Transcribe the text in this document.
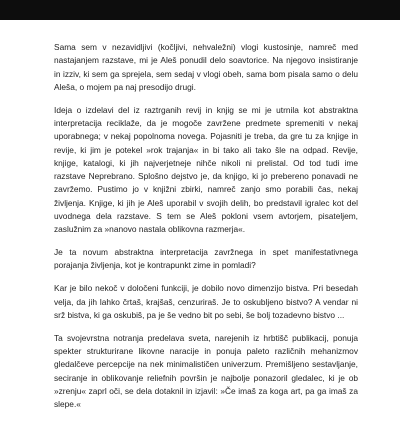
Sama sem v nezavidljivi (kočljivi, nehvaležni) vlogi kustosinje, namreč med nastajanjem razstave, mi je Aleš ponudil delo soavtorice. Na njegovo insistiranje in izziv, ki sem ga sprejela, sem sedaj v vlogi obeh, sama bom pisala samo o delu Aleša, o mojem pa naj presodijo drugi.

Ideja o izdelavi del iz raztrganih revij in knjig se mi je utrnila kot abstraktna interpretacija reciklaže, da je mogoče zavržene predmete spremeniti v nekaj uporabnega; v nekaj popolnoma novega. Pojasniti je treba, da gre tu za knjige in revije, ki jim je potekel »rok trajanja« in bi tako ali tako šle na odpad. Revije, knjige, katalogi, ki jih najverjetneje nihče nikoli ni prelistal. Od tod tudi ime razstave Neprebrano. Splošno dejstvo je, da knjigo, ki jo prebereno ponavadi ne zavržemo. Pustimo jo v knjižni zbirki, namreč zanjo smo porabili čas, nekaj življenja. Knjige, ki jih je Aleš uporabil v svojih delih, bo predstavil igralec kot del uvodnega dela razstave. S tem se Aleš pokloni vsem avtorjem, pisateljem, zaslužnim za »nanovo nastala oblikovna razmerja«.

Je ta novum abstraktna interpretacija zavržnega in spet manifestativnega porajanja življenja, kot je kontrapunkt zime in pomladi?

Kar je bilo nekoč v določeni funkciji, je dobilo novo dimenzijo bistva. Pri besedah velja, da jih lahko črtaš, krajšaš, cenzuriraš. Je to oskubljeno bistvo? A vendar ni srž bistva, ki ga oskubiš, pa je še vedno bit po sebi, še bolj tozadevno bistvo ...

Ta svojevrstna notranja predelava sveta, narejenih iz hrbtišč publikacij, ponuja spekter strukturirane likovne naracije in ponuja paleto različnih mehanizmov gledalčeve percepcije na nek minimalističen univerzum. Premišljeno sestavljanje, seciranje in oblikovanje reliefnih površin je najbolje ponazoril gledalec, ki je ob »zrenju« zaprl oči, se dela dotaknil in izjavil: »Če imaš za koga art, pa ga imaš za slepe.«
